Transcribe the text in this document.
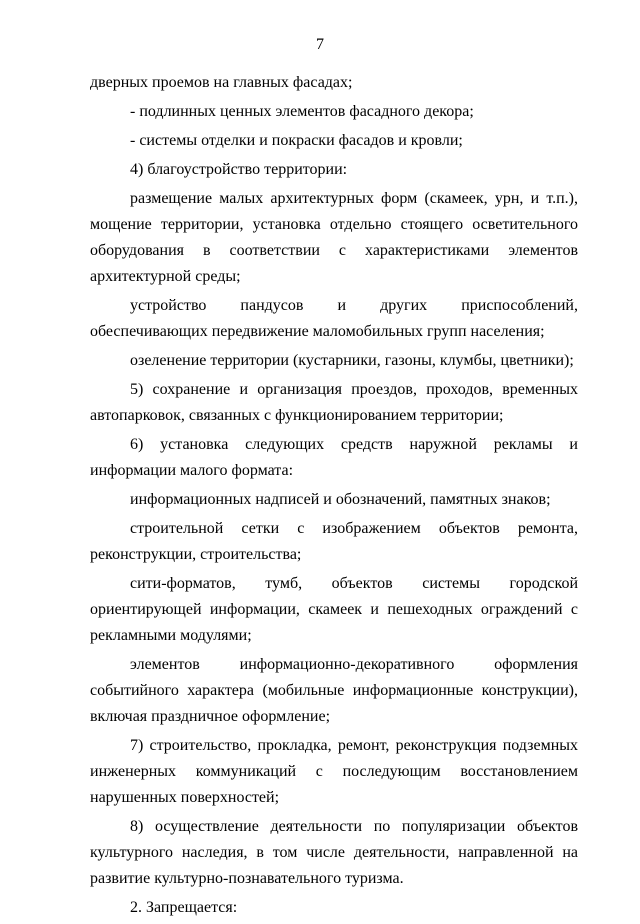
7

дверных проемов на главных фасадах;

- подлинных ценных элементов фасадного декора;

- системы отделки и покраски фасадов и кровли;

4) благоустройство территории:

размещение малых архитектурных форм (скамеек, урн, и т.п.), мощение территории, установка отдельно стоящего осветительного оборудования в соответствии с характеристиками элементов архитектурной среды;

устройство пандусов и других приспособлений, обеспечивающих передвижение маломобильных групп населения;

озеленение территории (кустарники, газоны, клумбы, цветники);

5) сохранение и организация проездов, проходов, временных автопарковок, связанных с функционированием территории;

6) установка следующих средств наружной рекламы и информации малого формата:

информационных надписей и обозначений, памятных знаков;

строительной сетки с изображением объектов ремонта, реконструкции, строительства;

сити-форматов, тумб, объектов системы городской ориентирующей информации, скамеек и пешеходных ограждений с рекламными модулями;

элементов информационно-декоративного оформления событийного характера (мобильные информационные конструкции), включая праздничное оформление;

7) строительство, прокладка, ремонт, реконструкция подземных инженерных коммуникаций с последующим восстановлением нарушенных поверхностей;

8) осуществление деятельности по популяризации объектов культурного наследия, в том числе деятельности, направленной на развитие культурно-познавательного туризма.

2. Запрещается:
